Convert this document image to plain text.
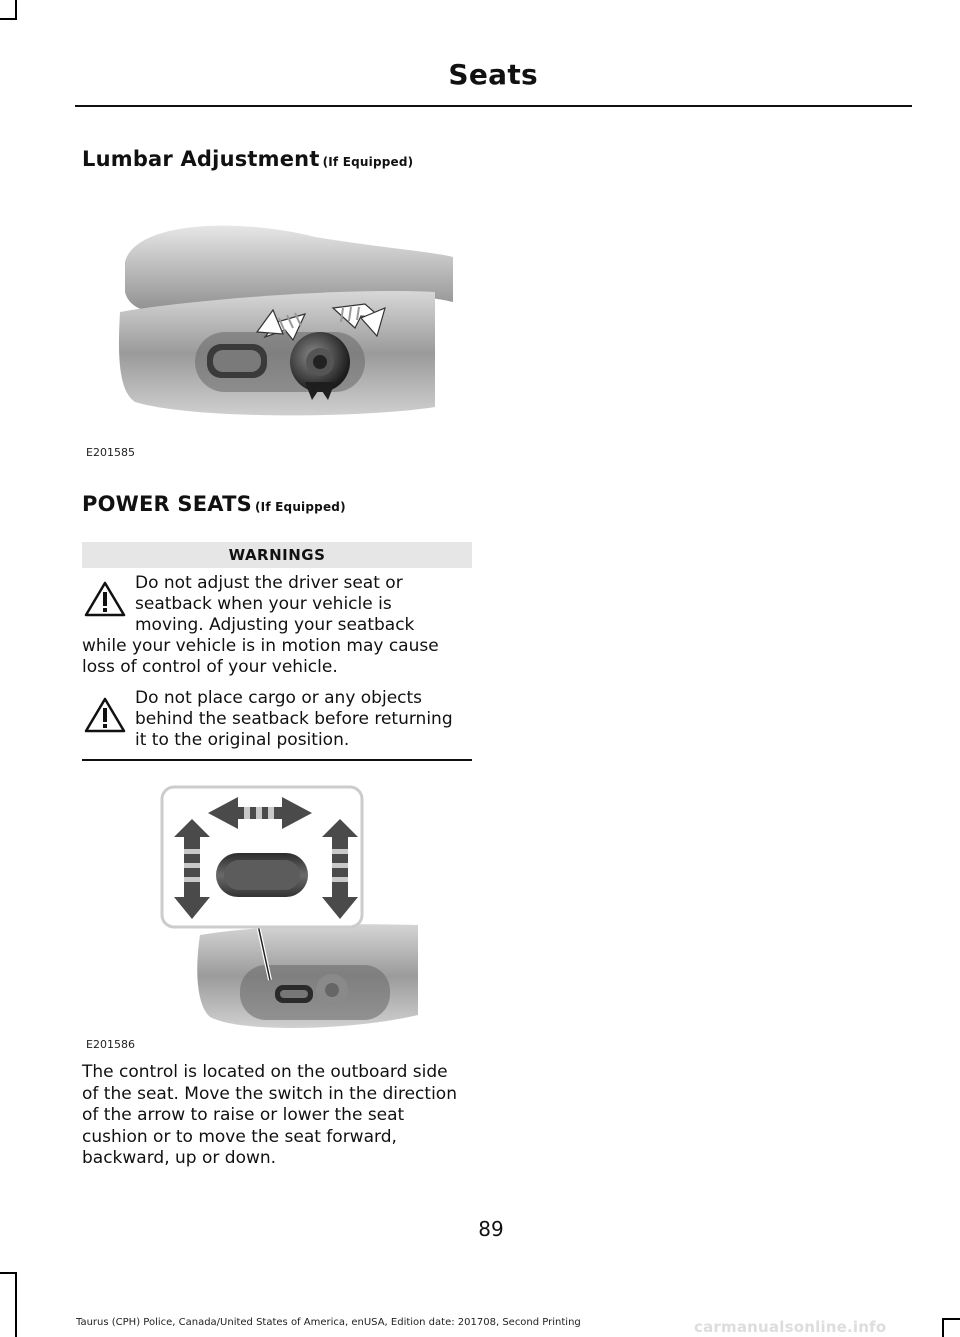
Seats
Lumbar Adjustment (If Equipped)
E201585
POWER SEATS (If Equipped)
WARNINGS
Do not adjust the driver seat or
seatback when your vehicle is
moving. Adjusting your seatback
while your vehicle is in motion may cause
loss of control of your vehicle.
Do not place cargo or any objects
behind the seatback before returning
it to the original position.
E201586
The control is located on the outboard side
of the seat. Move the switch in the direction
of the arrow to raise or lower the seat
cushion or to move the seat forward,
backward, up or down.
89
Taurus (CPH) Police, Canada/United States of America, enUSA, Edition date: 201708, Second Printing	carmanualsonline.info
